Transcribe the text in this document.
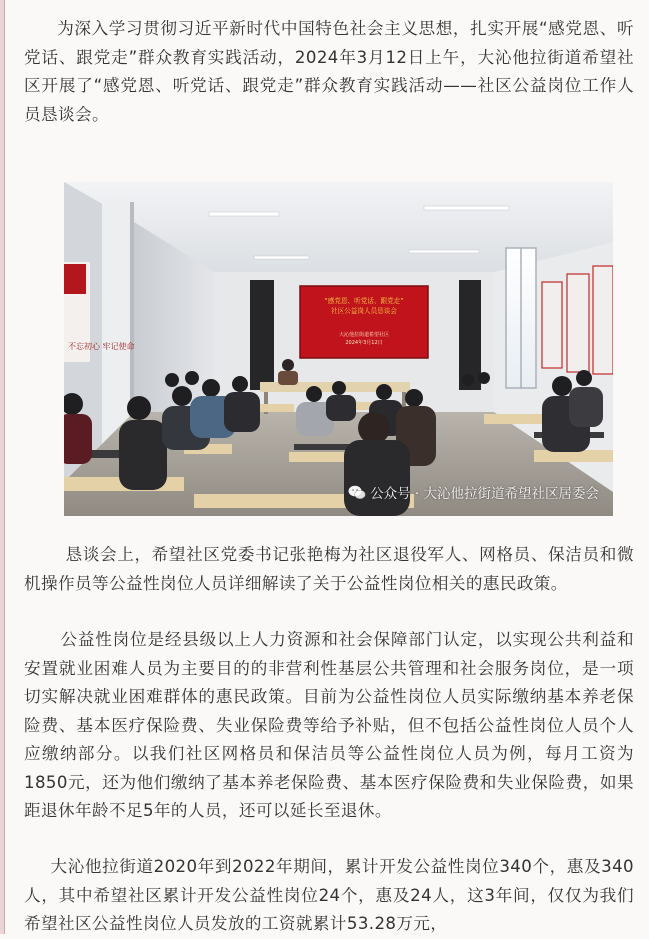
为深入学习贯彻习近平新时代中国特色社会主义思想，扎实开展“感党恩、听党话、跟党走”群众教育实践活动，2024年3月12日上午，大沁他拉街道希望社区开展了“感党恩、听党话、跟党走”群众教育实践活动——社区公益岗位工作人员恳谈会。

不忘初心 牢记使命
“感党恩、听党话、跟党走”
社区公益岗人员恳谈会
大沁他拉街道希望社区
2024年3月12日
公众号 · 大沁他拉街道希望社区居委会

恳谈会上，希望社区党委书记张艳梅为社区退役军人、网格员、保洁员和微机操作员等公益性岗位人员详细解读了关于公益性岗位相关的惠民政策。

公益性岗位是经县级以上人力资源和社会保障部门认定，以实现公共利益和安置就业困难人员为主要目的的非营利性基层公共管理和社会服务岗位，是一项切实解决就业困难群体的惠民政策。目前为公益性岗位人员实际缴纳基本养老保险费、基本医疗保险费、失业保险费等给予补贴，但不包括公益性岗位人员个人应缴纳部分。以我们社区网格员和保洁员等公益性岗位人员为例，每月工资为1850元，还为他们缴纳了基本养老保险费、基本医疗保险费和失业保险费，如果距退休年龄不足5年的人员，还可以延长至退休。

大沁他拉街道2020年到2022年期间，累计开发公益性岗位340个，惠及340人，其中希望社区累计开发公益性岗位24个，惠及24人，这3年间，仅仅为我们希望社区公益性岗位人员发放的工资就累计53.28万元，
